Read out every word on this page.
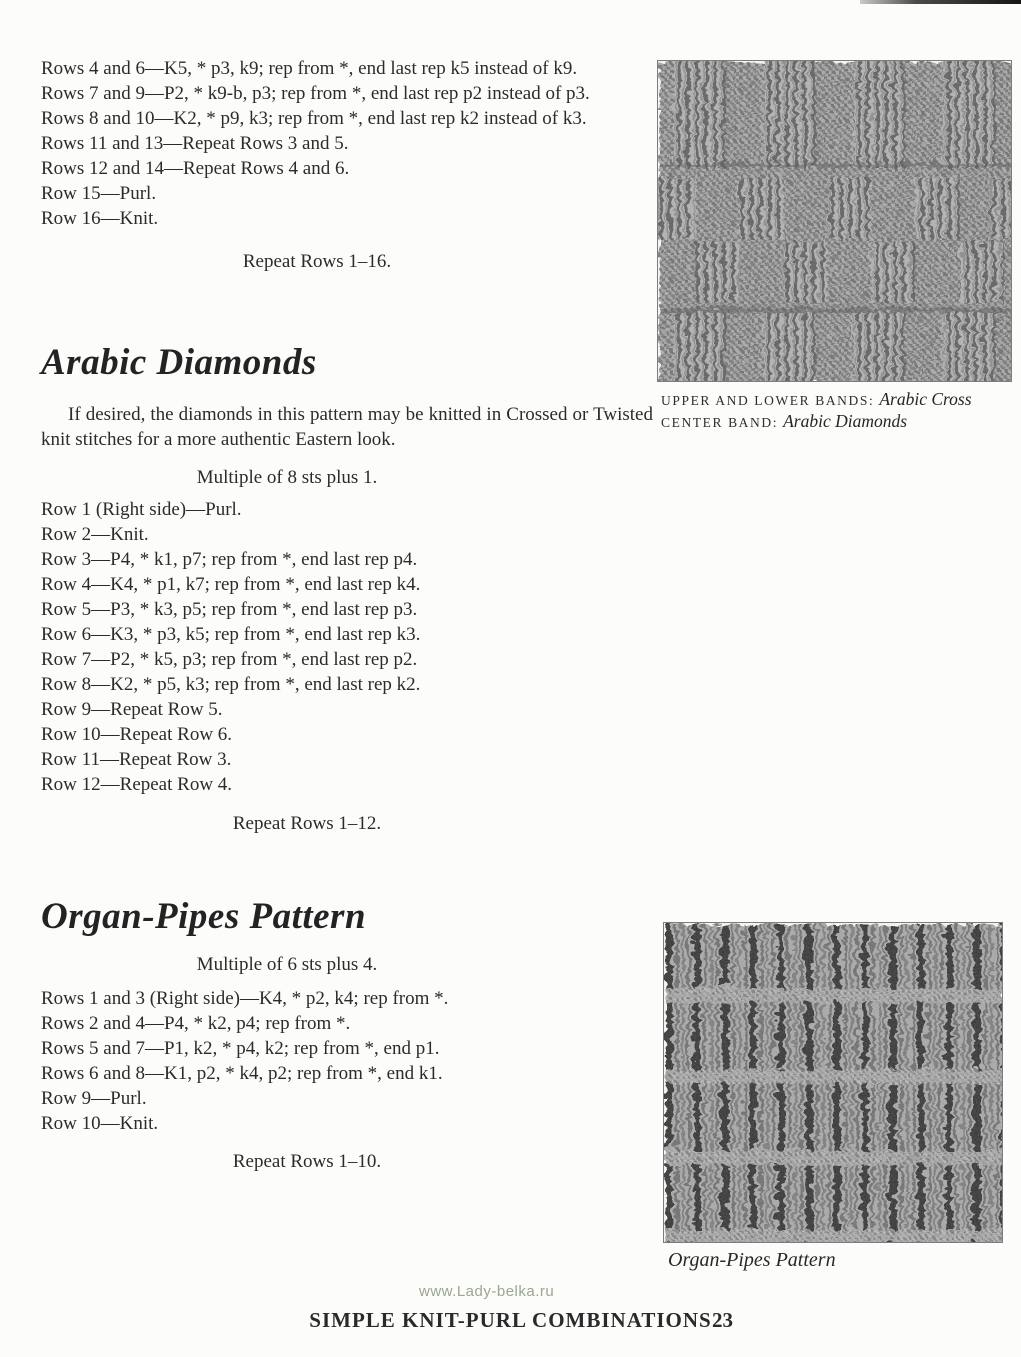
Rows 4 and 6—K5, * p3, k9; rep from *, end last rep k5 instead of k9.

Rows 7 and 9—P2, * k9-b, p3; rep from *, end last rep p2 instead of p3.

Rows 8 and 10—K2, * p9, k3; rep from *, end last rep k2 instead of k3.

Rows 11 and 13—Repeat Rows 3 and 5.

Rows 12 and 14—Repeat Rows 4 and 6.

Row 15—Purl.

Row 16—Knit.

Repeat Rows 1–16.

Arabic Diamonds

If desired, the diamonds in this pattern may be knitted in Crossed or Twisted knit stitches for a more authentic Eastern look.

Multiple of 8 sts plus 1.

Row 1 (Right side)—Purl.

Row 2—Knit.

Row 3—P4, * k1, p7; rep from *, end last rep p4.

Row 4—K4, * p1, k7; rep from *, end last rep k4.

Row 5—P3, * k3, p5; rep from *, end last rep p3.

Row 6—K3, * p3, k5; rep from *, end last rep k3.

Row 7—P2, * k5, p3; rep from *, end last rep p2.

Row 8—K2, * p5, k3; rep from *, end last rep k2.

Row 9—Repeat Row 5.

Row 10—Repeat Row 6.

Row 11—Repeat Row 3.

Row 12—Repeat Row 4.

Repeat Rows 1–12.

Organ-Pipes Pattern

Multiple of 6 sts plus 4.

Rows 1 and 3 (Right side)—K4, * p2, k4; rep from *.

Rows 2 and 4—P4, * k2, p4; rep from *.

Rows 5 and 7—P1, k2, * p4, k2; rep from *, end p1.

Rows 6 and 8—K1, p2, * k4, p2; rep from *, end k1.

Row 9—Purl.

Row 10—Knit.

Repeat Rows 1–10.

UPPER AND LOWER BANDS: Arabic Cross
CENTER BAND: Arabic Diamonds
Organ-Pipes Pattern
www.Lady-belka.ru
SIMPLE KNIT-PURL COMBINATIONS 23
